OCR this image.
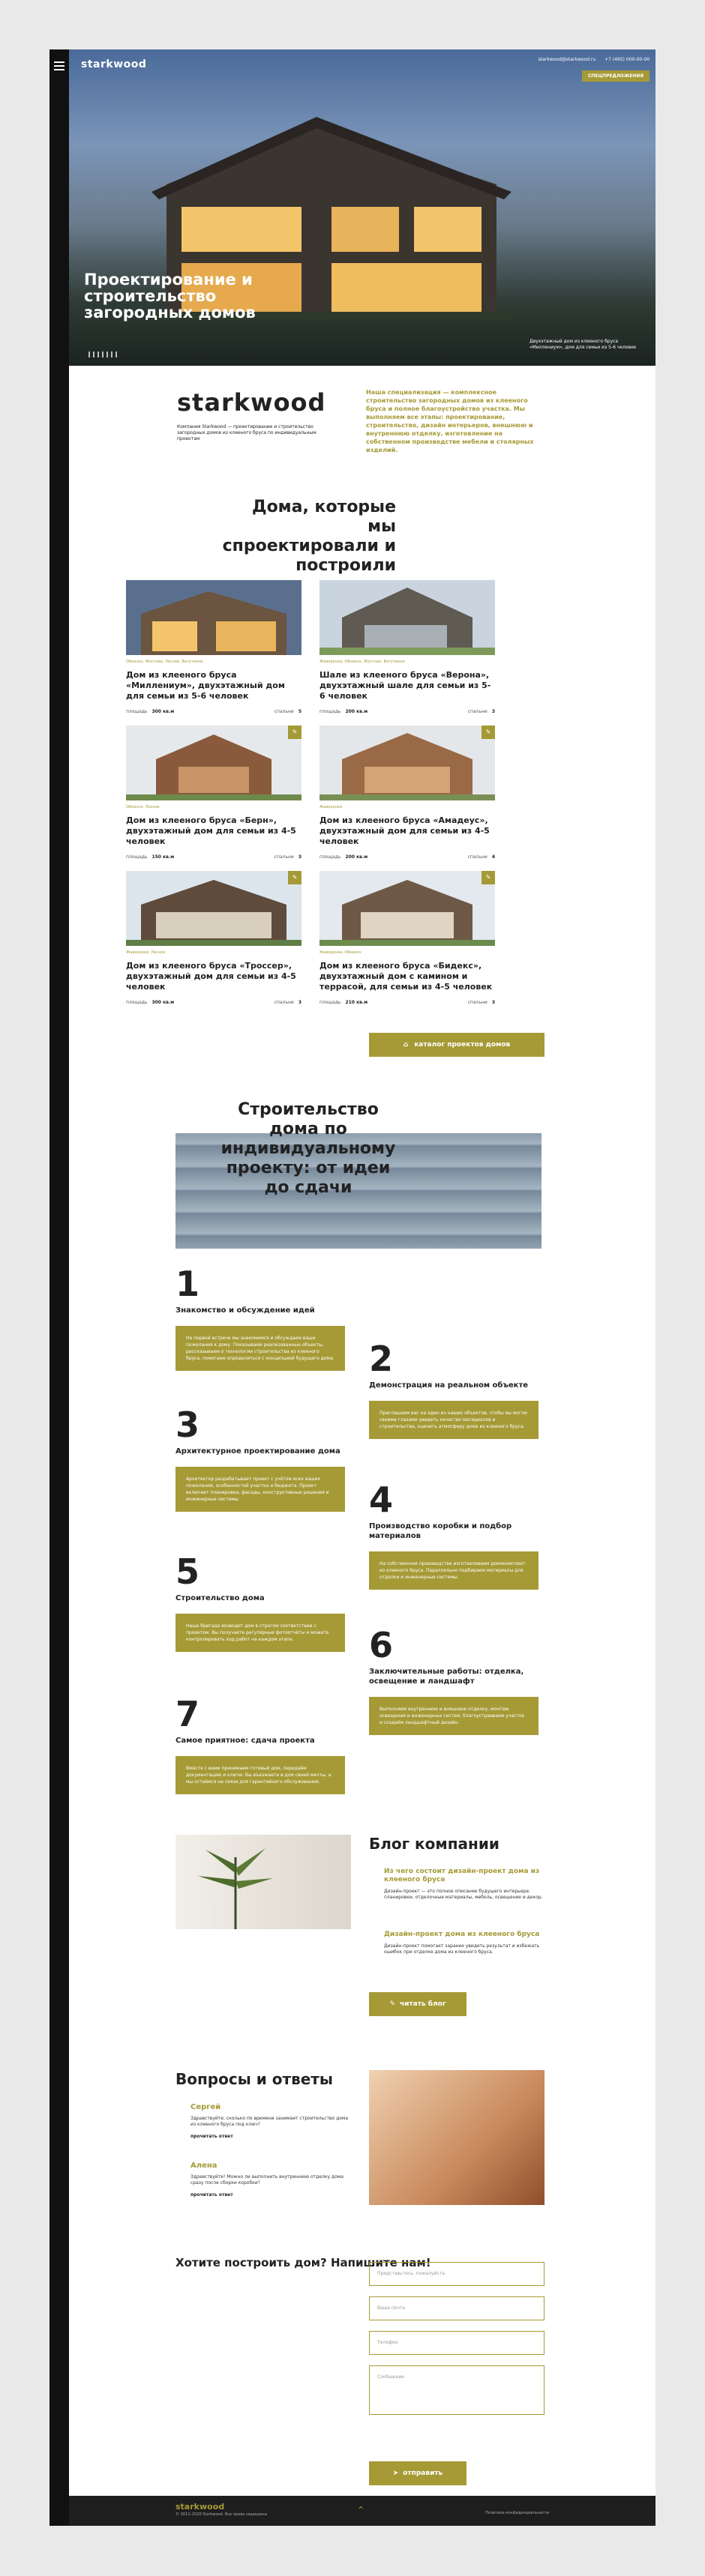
starkwood	starkwood@starkwood.ru +7 (495) 000-00-00
СПЕЦПРЕДЛОЖЕНИЯ
Проектирование и строительство загородных домов
Двухэтажный дом из клееного бруса «Миллениум», дом для семьи из 5-6 человек
starkwood

Компания Starkwood — проектирование и строительство загородных домов из клееного бруса по индивидуальным проектам

Наша специализация — комплексное строительство загородных домов из клееного бруса и полное благоустройство участка. Мы выполняем все этапы: проектирование, строительство, дизайн интерьеров, внешнюю и внутреннюю отделку, изготовление на собственном производстве мебели и столярных изделий.
Дома, которые мы спроектировали и построили
Обнинск, Жостово, Лесное, Ватутинки
Дом из клееного бруса «Миллениум», двухэтажный дом для семьи из 5-6 человек
площадь 300 кв.м	спальни 5
Жаворонки, Обнинск, Жостово, Ватутинки
Шале из клееного бруса «Верона», двухэтажный шале для семьи из 5-6 человек
площадь 200 кв.м	спальни 3
✎
Обнинск, Лесное
Дом из клееного бруса «Берн», двухэтажный дом для семьи из 4-5 человек
площадь 150 кв.м	спальни 3
✎
Жаворонки
Дом из клееного бруса «Амадеус», двухэтажный дом для семьи из 4-5 человек
площадь 200 кв.м	спальни 4
✎
Жаворонки, Лесное
Дом из клееного бруса «Троссер», двухэтажный дом для семьи из 4-5 человек
площадь 300 кв.м	спальни 3
✎
Жаворонки, Обнинск
Дом из клееного бруса «Бидекс», двухэтажный дом с камином и террасой, для семьи из 4-5 человек
площадь 210 кв.м	спальни 3
⌂ каталог проектов домов
Строительство дома по индивидуальному проекту: от идеи до сдачи
1
Знакомство и обсуждение идей
На первой встрече мы знакомимся и обсуждаем ваши пожелания к дому. Показываем реализованные объекты, рассказываем о технологии строительства из клееного бруса, помогаем определиться с концепцией будущего дома.	2
Демонстрация на реальном объекте
Приглашаем вас на один из наших объектов, чтобы вы могли своими глазами увидеть качество материалов и строительства, оценить атмосферу дома из клееного бруса.
3
Архитектурное проектирование дома
Архитектор разрабатывает проект с учётом всех ваших пожеланий, особенностей участка и бюджета. Проект включает планировки, фасады, конструктивные решения и инженерные системы.	4
Производство коробки и подбор материалов
На собственном производстве изготавливаем домокомплект из клееного бруса. Параллельно подбираем материалы для отделки и инженерные системы.
5
Строительство дома
Наша бригада возводит дом в строгом соответствии с проектом. Вы получаете регулярные фотоотчёты и можете контролировать ход работ на каждом этапе.	6
Заключительные работы: отделка, освещение и ландшафт
Выполняем внутреннюю и внешнюю отделку, монтаж освещения и инженерных систем, благоустраиваем участок и создаём ландшафтный дизайн.
7
Самое приятное: сдача проекта
Вместе с вами принимаем готовый дом, передаём документацию и ключи. Вы въезжаете в дом своей мечты, а мы остаёмся на связи для гарантийного обслуживания.
Блог компании
Из чего состоит дизайн-проект дома из клееного бруса
Дизайн-проект — это полное описание будущего интерьера: планировки, отделочные материалы, мебель, освещение и декор.
Дизайн-проект дома из клееного бруса
Дизайн-проект помогает заранее увидеть результат и избежать ошибок при отделке дома из клееного бруса.
✎ читать блог
Вопросы и ответы
Сергей
Здравствуйте, сколько по времени занимает строительство дома из клееного бруса под ключ?
прочитать ответ
Алена
Здравствуйте! Можно ли выполнить внутреннюю отделку дома сразу после сборки коробки?
прочитать ответ
Хотите построить дом? Напишите нам!
Представьтесь, пожалуйста
Ваша почта
Телефон
Сообщение
➤ отправить
starkwood
© 2012–2020 Starkwood. Все права защищены	⌃	Политика конфиденциальности
